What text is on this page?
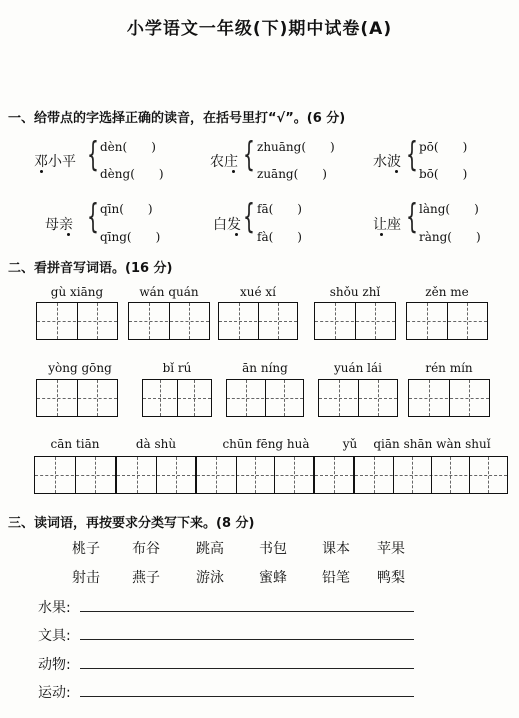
小学语文一年级(下)期中试卷(A)
一、给带点的字选择正确的读音，在括号里打“√”。(6 分)
邓小平 { dèn(　　)
dèng(　　)
农庄 { zhuāng(　　)
zuāng(　　)
水波 { pō(　　)
bō(　　)
母亲 { qīn(　　)
qīng(　　)
白发 { fā(　　)
fà(　　)
让座 { làng(　　)
ràng(　　)
二、看拼音写词语。(16 分)
gù xiāng	wán quán	xué xí	shǒu zhǐ	zěn me
yòng gōng	bǐ rú	ān níng	yuán lái	rén mín
cān tiān	dà shù	chūn fēng huà	yǔ	qiān shān wàn shuǐ
三、读词语，再按要求分类写下来。(8 分)
桃子 布谷	跳高	书包	课本 苹果
射击 燕子	游泳	蜜蜂	铅笔 鸭梨
水果:
文具:
动物:
运动:
